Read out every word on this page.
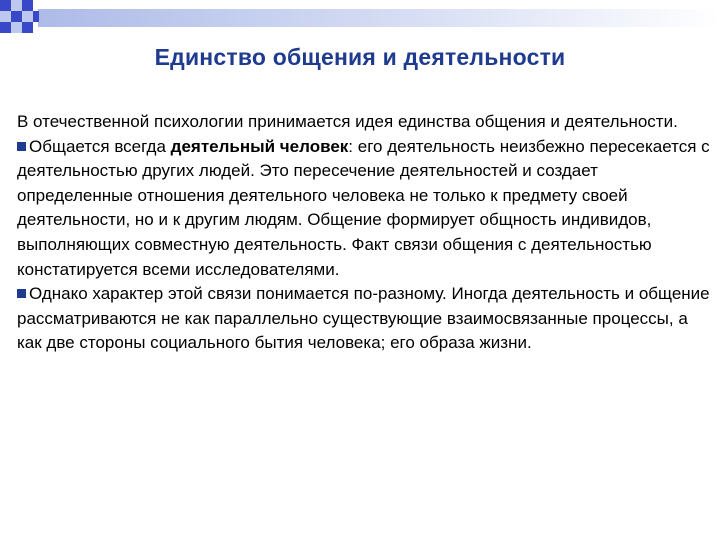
Единство общения и деятельности

В отечественной психологии принимается идея единства общения и деятельности.

Общается всегда деятельный человек: его деятельность неизбежно пересекается с деятельностью других людей. Это пересечение деятельностей и создает определенные отношения деятельного человека не только к предмету своей деятельности, но и к другим людям. Общение формирует общность индивидов, выполняющих совместную деятельность. Факт связи общения с деятельностью констатируется всеми исследователями.

Однако характер этой связи понимается по-разному. Иногда деятельность и общение рассматриваются не как параллельно существующие взаимосвязанные процессы, а как две стороны социального бытия человека; его образа жизни.
